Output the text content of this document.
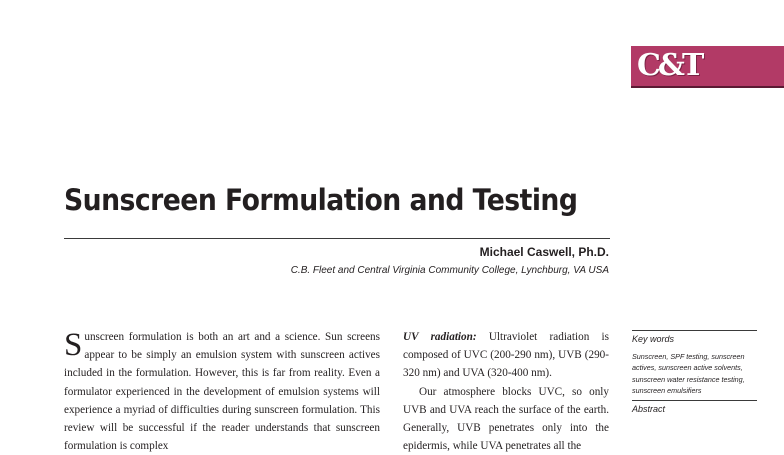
C&T
Sunscreen Formulation and Testing
Michael Caswell, Ph.D.
C.B. Fleet and Central Virginia Community College, Lynchburg, VA USA
Sunscreen formulation is both an art and a science. Sun screens appear to be simply an emulsion system with sunscreen actives included in the formulation. However, this is far from reality. Even a formulator experienced in the development of emulsion systems will experience a myriad of difficulties during sunscreen formulation. This review will be successful if the reader understands that sunscreen formulation is complex

UV radiation: Ultraviolet radiation is composed of UVC (200-290 nm), UVB (290-320 nm) and UVA (320-400 nm).

Our atmosphere blocks UVC, so only UVB and UVA reach the surface of the earth. Generally, UVB penetrates only into the epidermis, while UVA penetrates all the

Key words

Sunscreen, SPF testing, sunscreen actives, sunscreen active solvents, sunscreen water resistance testing, sunscreen emulsifiers

Abstract
